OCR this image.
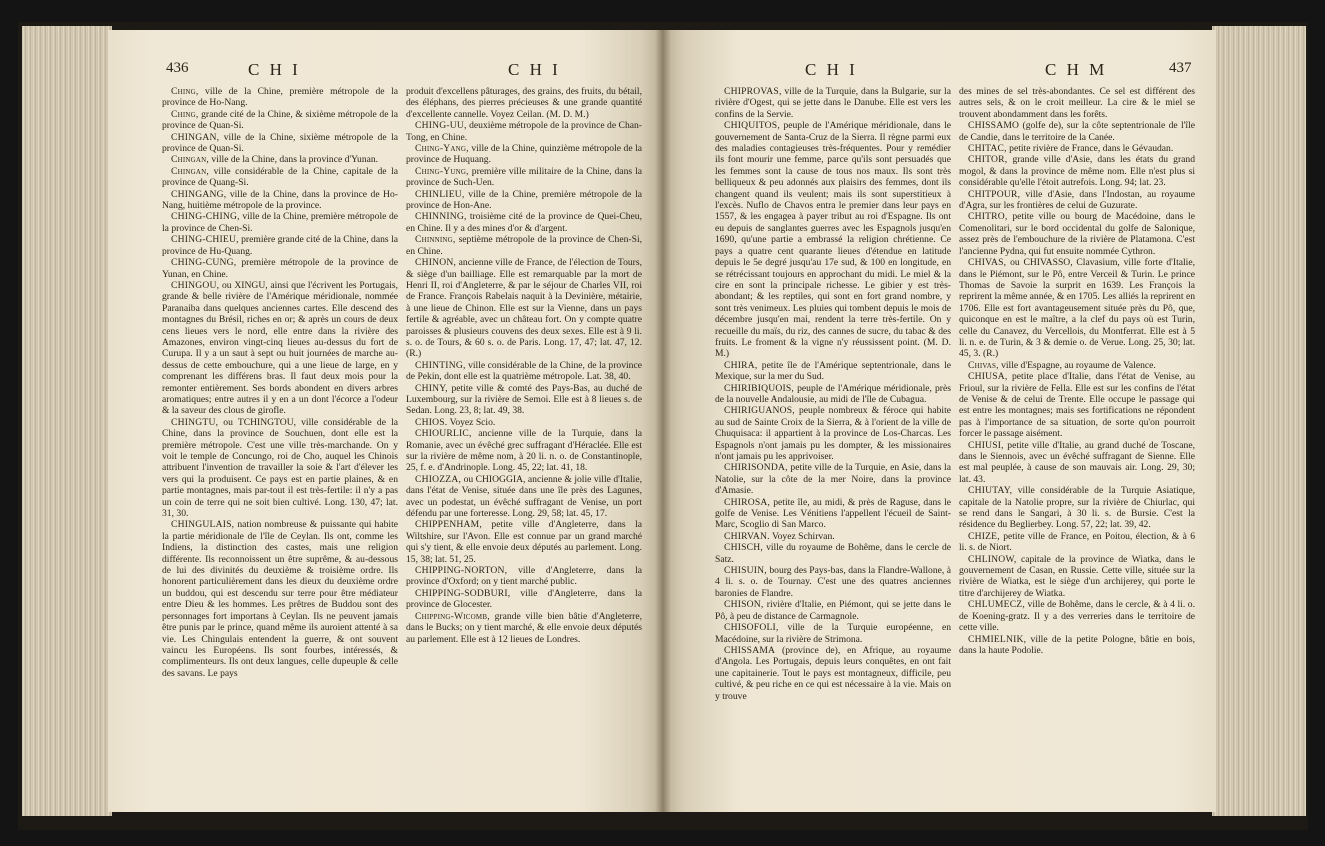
436	C H I	C H I

Ching, ville de la Chine, première métropole de la province de Ho-Nang.

Ching, grande cité de la Chine, & sixième métropole de la province de Quan-Si.

CHINGAN, ville de la Chine, sixième métropole de la province de Quan-Si.

Chingan, ville de la Chine, dans la province d'Yunan.

Chingan, ville considérable de la Chine, capitale de la province de Quang-Si.

CHINGANG, ville de la Chine, dans la province de Ho-Nang, huitième métropole de la province.

CHING-CHING, ville de la Chine, première métropole de la province de Chen-Si.

CHING-CHIEU, première grande cité de la Chine, dans la province de Hu-Quang.

CHING-CUNG, première métropole de la province de Yunan, en Chine.

CHINGOU, ou XINGU, ainsi que l'écrivent les Portugais, grande & belle rivière de l'Amérique méridionale, nommée Paranaiba dans quelques anciennes cartes. Elle descend des montagnes du Brésil, riches en or; & après un cours de deux cens lieues vers le nord, elle entre dans la rivière des Amazones, environ vingt-cinq lieues au-dessus du fort de Curupa. Il y a un saut à sept ou huit journées de marche au-dessus de cette embouchure, qui a une lieue de large, en y comprenant les différens bras. Il faut deux mois pour la remonter entièrement. Ses bords abondent en divers arbres aromatiques; entre autres il y en a un dont l'écorce a l'odeur & la saveur des clous de girofle.

CHINGTU, ou TCHINGTOU, ville considérable de la Chine, dans la province de Souchuen, dont elle est la première métropole. C'est une ville très-marchande. On y voit le temple de Concungo, roi de Cho, auquel les Chinois attribuent l'invention de travailler la soie & l'art d'élever les vers qui la produisent. Ce pays est en partie plaines, & en partie montagnes, mais par-tout il est très-fertile: il n'y a pas un coin de terre qui ne soit bien cultivé. Long. 130, 47; lat. 31, 30.

CHINGULAIS, nation nombreuse & puissante qui habite la partie méridionale de l'île de Ceylan. Ils ont, comme les Indiens, la distinction des castes, mais une religion différente. Ils reconnoissent un être suprême, & au-dessous de lui des divinités du deuxième & troisième ordre. Ils honorent particulièrement dans les dieux du deuxième ordre un buddou, qui est descendu sur terre pour être médiateur entre Dieu & les hommes. Les prêtres de Buddou sont des personnages fort importans à Ceylan. Ils ne peuvent jamais être punis par le prince, quand même ils auroient attenté à sa vie. Les Chingulais entendent la guerre, & ont souvent vaincu les Européens. Ils sont fourbes, intéressés, & complimenteurs. Ils ont deux langues, celle dupeuple & celle des savans. Le pays

produit d'excellens pâturages, des grains, des fruits, du bétail, des éléphans, des pierres précieuses & une grande quantité d'excellente cannelle. Voyez Ceilan. (M. D. M.)

CHING-UU, deuxième métropole de la province de Chan-Tong, en Chine.

Ching-Yang, ville de la Chine, quinzième métropole de la province de Huquang.

Ching-Yung, première ville militaire de la Chine, dans la province de Such-Uen.

CHINLIEU, ville de la Chine, première métropole de la province de Hon-Ane.

CHINNING, troisième cité de la province de Quei-Cheu, en Chine. Il y a des mines d'or & d'argent.

Chinning, septième métropole de la province de Chen-Si, en Chine.

CHINON, ancienne ville de France, de l'élection de Tours, & siège d'un bailliage. Elle est remarquable par la mort de Henri II, roi d'Angleterre, & par le séjour de Charles VII, roi de France. François Rabelais naquit à la Devinière, métairie, à une lieue de Chinon. Elle est sur la Vienne, dans un pays fertile & agréable, avec un château fort. On y compte quatre paroisses & plusieurs couvens des deux sexes. Elle est à 9 li. s. o. de Tours, & 60 s. o. de Paris. Long. 17, 47; lat. 47, 12. (R.)

CHINTING, ville considérable de la Chine, de la province de Pekin, dont elle est la quatrième métropole. Lat. 38, 40.

CHINY, petite ville & comté des Pays-Bas, au duché de Luxembourg, sur la rivière de Semoi. Elle est à 8 lieues s. de Sedan. Long. 23, 8; lat. 49, 38.

CHIOS. Voyez Scio.

CHIOURLIC, ancienne ville de la Turquie, dans la Romanie, avec un évêché grec suffragant d'Héraclée. Elle est sur la rivière de même nom, à 20 li. n. o. de Constantinople, 25, f. e. d'Andrinople. Long. 45, 22; lat. 41, 18.

CHIOZZA, ou CHIOGGIA, ancienne & jolie ville d'Italie, dans l'état de Venise, située dans une île près des Lagunes, avec un podestat, un évêché suffragant de Venise, un port défendu par une forteresse. Long. 29, 58; lat. 45, 17.

CHIPPENHAM, petite ville d'Angleterre, dans la Wiltshire, sur l'Avon. Elle est connue par un grand marché qui s'y tient, & elle envoie deux députés au parlement. Long. 15, 38; lat. 51, 25.

CHIPPING-NORTON, ville d'Angleterre, dans la province d'Oxford; on y tient marché public.

CHIPPING-SODBURI, ville d'Angleterre, dans la province de Glocester.

Chipping-Wicomb, grande ville bien bâtie d'Angleterre, dans le Bucks; on y tient marché, & elle envoie deux députés au parlement. Elle est à 12 lieues de Londres.

C H I	C H M	437

CHIPROVAS, ville de la Turquie, dans la Bulgarie, sur la rivière d'Ogest, qui se jette dans le Danube. Elle est vers les confins de la Servie.

CHIQUITOS, peuple de l'Amérique méridionale, dans le gouvernement de Santa-Cruz de la Sierra. Il règne parmi eux des maladies contagieuses très-fréquentes. Pour y remédier ils font mourir une femme, parce qu'ils sont persuadés que les femmes sont la cause de tous nos maux. Ils sont très belliqueux & peu adonnés aux plaisirs des femmes, dont ils changent quand ils veulent; mais ils sont superstitieux à l'excès. Nuflo de Chavos entra le premier dans leur pays en 1557, & les engagea à payer tribut au roi d'Espagne. Ils ont eu depuis de sanglantes guerres avec les Espagnols jusqu'en 1690, qu'une partie a embrassé la religion chrétienne. Ce pays a quatre cent quarante lieues d'étendue en latitude depuis le 5e degré jusqu'au 17e sud, & 100 en longitude, en se rétrécissant toujours en approchant du midi. Le miel & la cire en sont la principale richesse. Le gibier y est très-abondant; & les reptiles, qui sont en fort grand nombre, y sont très venimeux. Les pluies qui tombent depuis le mois de décembre jusqu'en mai, rendent la terre très-fertile. On y recueille du maïs, du riz, des cannes de sucre, du tabac & des fruits. Le froment & la vigne n'y réussissent point. (M. D. M.)

CHIRA, petite île de l'Amérique septentrionale, dans le Mexique, sur la mer du Sud.

CHIRIBIQUOIS, peuple de l'Amérique méridionale, près de la nouvelle Andalousie, au midi de l'île de Cubagua.

CHIRIGUANOS, peuple nombreux & féroce qui habite au sud de Sainte Croix de la Sierra, & à l'orient de la ville de Chuquisaca: il appartient à la province de Los-Charcas. Les Espagnols n'ont jamais pu les dompter, & les missionaires n'ont jamais pu les apprivoiser.

CHIRISONDA, petite ville de la Turquie, en Asie, dans la Natolie, sur la côte de la mer Noire, dans la province d'Amasie.

CHIROSA, petite île, au midi, & près de Raguse, dans le golfe de Venise. Les Vénitiens l'appellent l'écueil de Saint-Marc, Scoglio di San Marco.

CHIRVAN. Voyez Schirvan.

CHISCH, ville du royaume de Bohême, dans le cercle de Satz.

CHISUIN, bourg des Pays-bas, dans la Flandre-Wallone, à 4 li. s. o. de Tournay. C'est une des quatres anciennes baronies de Flandre.

CHISON, rivière d'Italie, en Piémont, qui se jette dans le Pô, à peu de distance de Carmagnole.

CHISOFOLI, ville de la Turquie européenne, en Macédoine, sur la rivière de Strimona.

CHISSAMA (province de), en Afrique, au royaume d'Angola. Les Portugais, depuis leurs conquêtes, en ont fait une capitainerie. Tout le pays est montagneux, difficile, peu cultivé, & peu riche en ce qui est nécessaire à la vie. Mais on y trouve

des mines de sel très-abondantes. Ce sel est différent des autres sels, & on le croit meilleur. La cire & le miel se trouvent abondamment dans les forêts.

CHISSAMO (golfe de), sur la côte septentrionale de l'île de Candie, dans le territoire de la Canée.

CHITAC, petite rivière de France, dans le Gévaudan.

CHITOR, grande ville d'Asie, dans les états du grand mogol, & dans la province de même nom. Elle n'est plus si considérable qu'elle l'étoit autrefois. Long. 94; lat. 23.

CHITPOUR, ville d'Asie, dans l'Indostan, au royaume d'Agra, sur les frontières de celui de Guzurate.

CHITRO, petite ville ou bourg de Macédoine, dans le Comenolitari, sur le bord occidental du golfe de Salonique, assez près de l'embouchure de la rivière de Platamona. C'est l'ancienne Pydna, qui fut ensuite nommée Cythron.

CHIVAS, ou CHIVASSO, Clavasium, ville forte d'Italie, dans le Piémont, sur le Pô, entre Verceil & Turin. Le prince Thomas de Savoie la surprit en 1639. Les François la reprirent la même année, & en 1705. Les alliés la reprirent en 1706. Elle est fort avantageusement située près du Pô, que, quiconque en est le maître, a la clef du pays où est Turin, celle du Canavez, du Vercellois, du Montferrat. Elle est à 5 li. n. e. de Turin, & 3 & demie o. de Verue. Long. 25, 30; lat. 45, 3. (R.)

Chivas, ville d'Espagne, au royaume de Valence.

CHIUSA, petite place d'Italie, dans l'état de Venise, au Frioul, sur la rivière de Fella. Elle est sur les confins de l'état de Venise & de celui de Trente. Elle occupe le passage qui est entre les montagnes; mais ses fortifications ne répondent pas à l'importance de sa situation, de sorte qu'on pourroit forcer le passage aisément.

CHIUSI, petite ville d'Italie, au grand duché de Toscane, dans le Siennois, avec un évêché suffragant de Sienne. Elle est mal peuplée, à cause de son mauvais air. Long. 29, 30; lat. 43.

CHIUTAY, ville considérable de la Turquie Asiatique, capitale de la Natolie propre, sur la rivière de Chiurlac, qui se rend dans le Sangari, à 30 li. s. de Bursie. C'est la résidence du Beglierbey. Long. 57, 22; lat. 39, 42.

CHIZE, petite ville de France, en Poitou, élection, & à 6 li. s. de Niort.

CHLINOW, capitale de la province de Wiatka, dans le gouvernement de Casan, en Russie. Cette ville, située sur la rivière de Wiatka, est le siège d'un archijerey, qui porte le titre d'archijerey de Wiatka.

CHLUMECZ, ville de Bohême, dans le cercle, & à 4 li. o. de Koening-gratz. Il y a des verreries dans le territoire de cette ville.

CHMIELNIK, ville de la petite Pologne, bâtie en bois, dans la haute Podolie.
